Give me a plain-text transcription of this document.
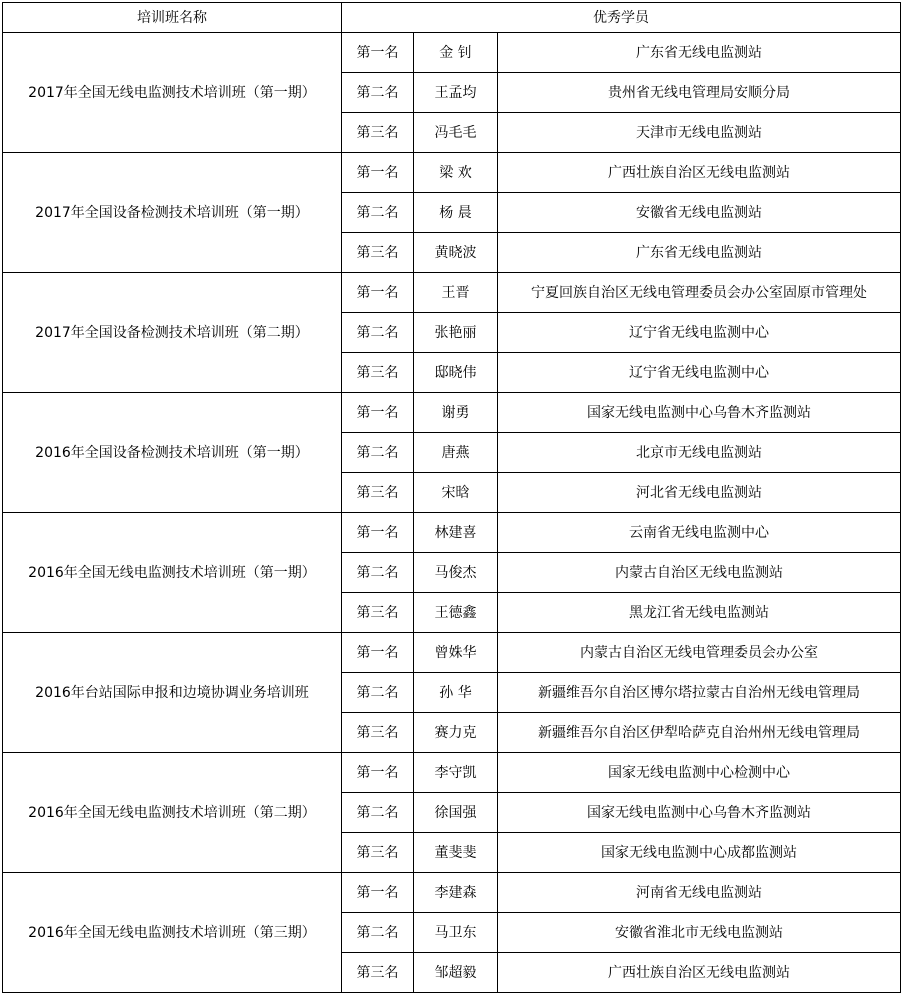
培训班名称	优秀学员		
2017年全国无线电监测技术培训班（第一期）	第一名	金 钊	广东省无线电监测站
	第二名	王孟均	贵州省无线电管理局安顺分局
	第三名	冯毛毛	天津市无线电监测站
2017年全国设备检测技术培训班（第一期）	第一名	梁 欢	广西壮族自治区无线电监测站
	第二名	杨 晨	安徽省无线电监测站
	第三名	黄晓波	广东省无线电监测站
2017年全国设备检测技术培训班（第二期）	第一名	王晋	宁夏回族自治区无线电管理委员会办公室固原市管理处
	第二名	张艳丽	辽宁省无线电监测中心
	第三名	邸晓伟	辽宁省无线电监测中心
2016年全国设备检测技术培训班（第一期）	第一名	谢勇	国家无线电监测中心乌鲁木齐监测站
	第二名	唐燕	北京市无线电监测站
	第三名	宋晗	河北省无线电监测站
2016年全国无线电监测技术培训班（第一期）	第一名	林建喜	云南省无线电监测中心
	第二名	马俊杰	内蒙古自治区无线电监测站
	第三名	王德鑫	黑龙江省无线电监测站
2016年台站国际申报和边境协调业务培训班	第一名	曾姝华	内蒙古自治区无线电管理委员会办公室
	第二名	孙 华	新疆维吾尔自治区博尔塔拉蒙古自治州无线电管理局
	第三名	赛力克	新疆维吾尔自治区伊犁哈萨克自治州州无线电管理局
2016年全国无线电监测技术培训班（第二期）	第一名	李守凯	国家无线电监测中心检测中心
	第二名	徐国强	国家无线电监测中心乌鲁木齐监测站
	第三名	董斐斐	国家无线电监测中心成都监测站
2016年全国无线电监测技术培训班（第三期）	第一名	李建森	河南省无线电监测站
	第二名	马卫东	安徽省淮北市无线电监测站
	第三名	邹超毅	广西壮族自治区无线电监测站
